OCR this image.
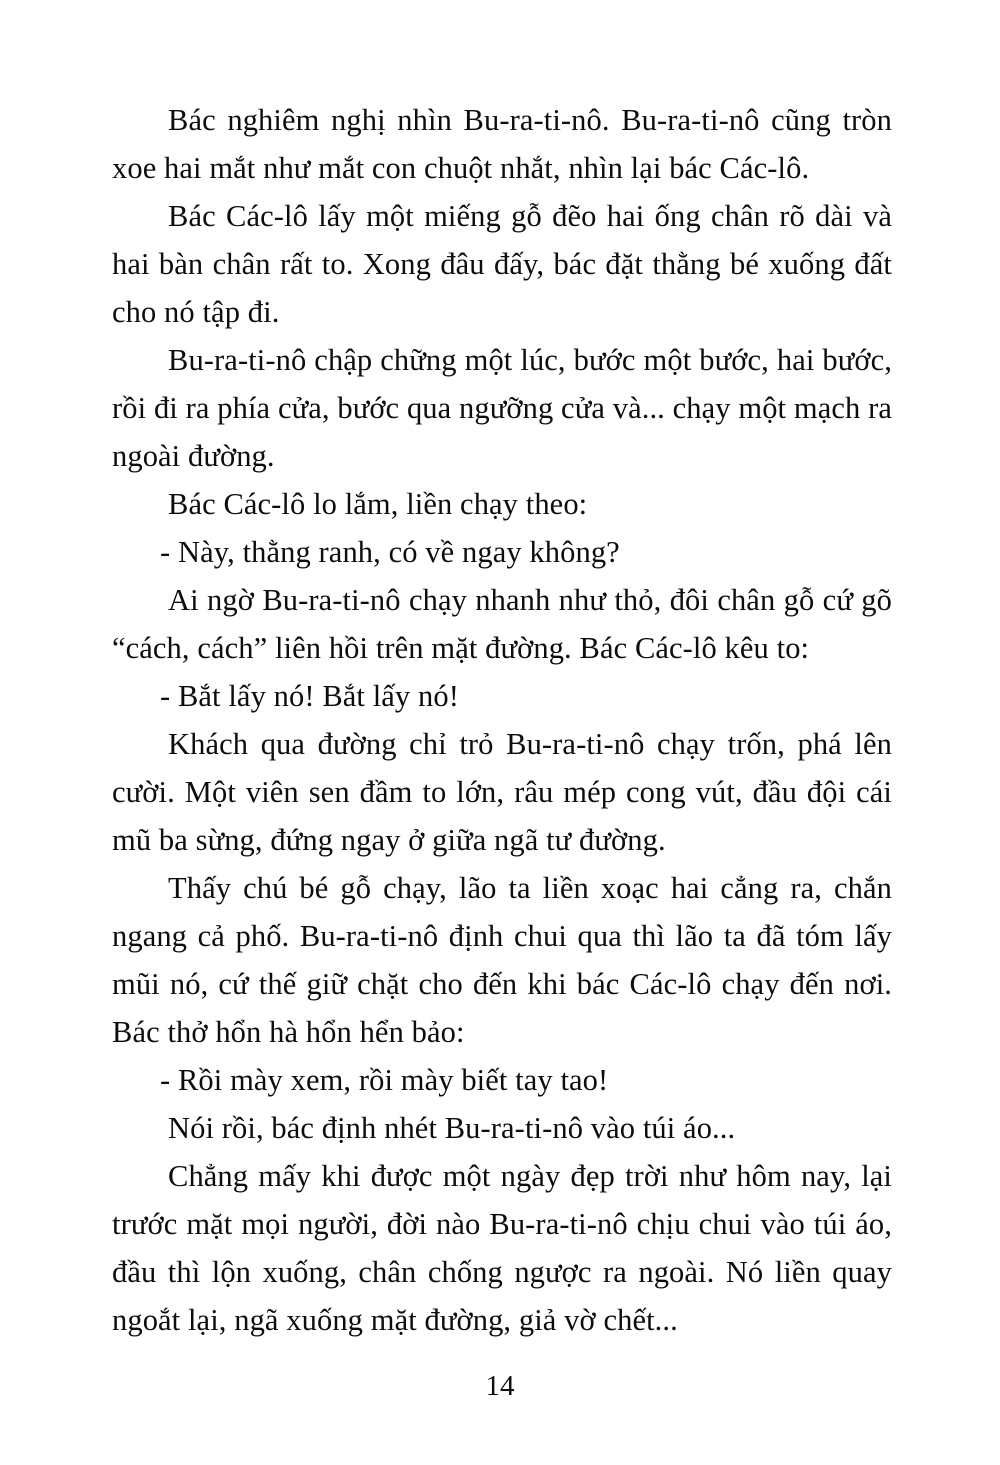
Bác nghiêm nghị nhìn Bu-ra-ti-nô. Bu-ra-ti-nô cũng tròn xoe hai mắt như mắt con chuột nhắt, nhìn lại bác Các-lô.

Bác Các-lô lấy một miếng gỗ đẽo hai ống chân rõ dài và hai bàn chân rất to. Xong đâu đấy, bác đặt thằng bé xuống đất cho nó tập đi.

Bu-ra-ti-nô chập chững một lúc, bước một bước, hai bước, rồi đi ra phía cửa, bước qua ngưỡng cửa và... chạy một mạch ra ngoài đường.

Bác Các-lô lo lắm, liền chạy theo:

- Này, thằng ranh, có về ngay không?

Ai ngờ Bu-ra-ti-nô chạy nhanh như thỏ, đôi chân gỗ cứ gõ “cách, cách” liên hồi trên mặt đường. Bác Các-lô kêu to:

- Bắt lấy nó! Bắt lấy nó!

Khách qua đường chỉ trỏ Bu-ra-ti-nô chạy trốn, phá lên cười. Một viên sen đầm to lớn, râu mép cong vút, đầu đội cái mũ ba sừng, đứng ngay ở giữa ngã tư đường.

Thấy chú bé gỗ chạy, lão ta liền xoạc hai cẳng ra, chắn ngang cả phố. Bu-ra-ti-nô định chui qua thì lão ta đã tóm lấy mũi nó, cứ thế giữ chặt cho đến khi bác Các-lô chạy đến nơi. Bác thở hổn hà hổn hển bảo:

- Rồi mày xem, rồi mày biết tay tao!

Nói rồi, bác định nhét Bu-ra-ti-nô vào túi áo...

Chẳng mấy khi được một ngày đẹp trời như hôm nay, lại trước mặt mọi người, đời nào Bu-ra-ti-nô chịu chui vào túi áo, đầu thì lộn xuống, chân chống ngược ra ngoài. Nó liền quay ngoắt lại, ngã xuống mặt đường, giả vờ chết...

14
